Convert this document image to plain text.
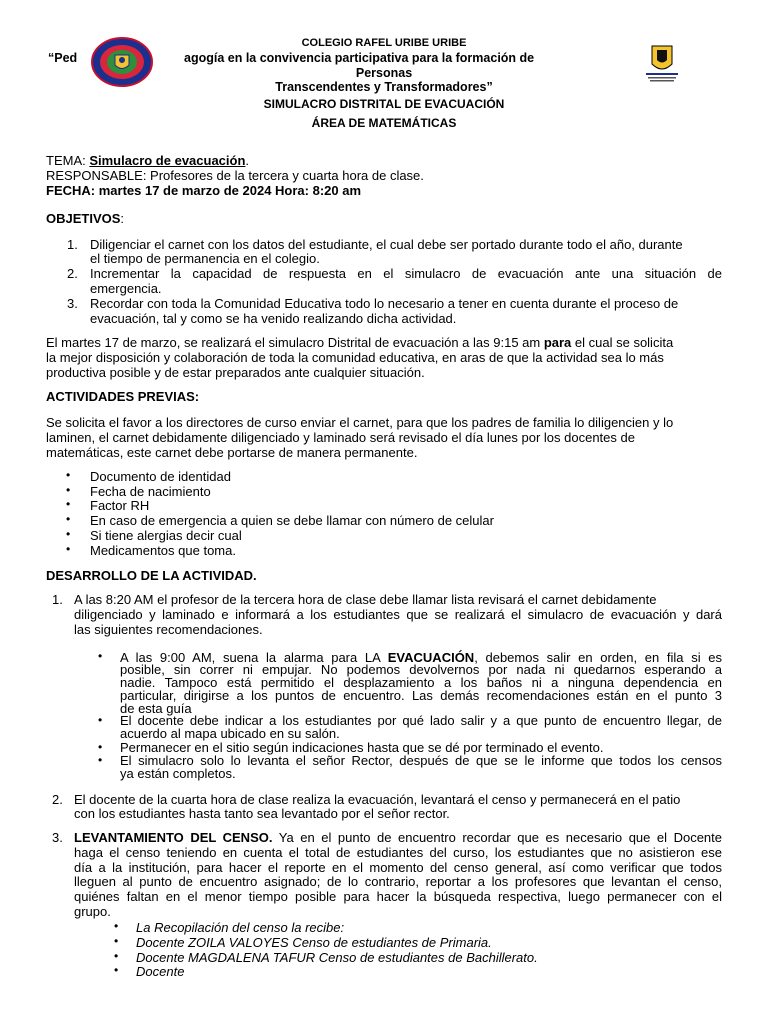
COLEGIO RAFEL URIBE URIBE
“Ped	agogía en la convivencia participativa para la formación de
Personas
Transcendentes y Transformadores”
SIMULACRO DISTRITAL DE EVACUACIÓN
ÁREA DE MATEMÁTICAS
TEMA: Simulacro de evacuación.
RESPONSABLE: Profesores de la tercera y cuarta hora de clase.
FECHA: martes 17 de marzo de 2024 Hora: 8:20 am
OBJETIVOS:
1. Diligenciar el carnet con los datos del estudiante, el cual debe ser portado durante todo el año, durante
el tiempo de permanencia en el colegio.
2. Incrementar la capacidad de respuesta en el simulacro de evacuación ante una situación de
emergencia.
3. Recordar con toda la Comunidad Educativa todo lo necesario a tener en cuenta durante el proceso de
evacuación, tal y como se ha venido realizando dicha actividad.
El martes 17 de marzo, se realizará el simulacro Distrital de evacuación a las 9:15 am para el cual se solicita
la mejor disposición y colaboración de toda la comunidad educativa, en aras de que la actividad sea lo más
productiva posible y de estar preparados ante cualquier situación.
ACTIVIDADES PREVIAS:
Se solicita el favor a los directores de curso enviar el carnet, para que los padres de familia lo diligencien y lo
laminen, el carnet debidamente diligenciado y laminado será revisado el día lunes por los docentes de
matemáticas, este carnet debe portarse de manera permanente.
• Documento de identidad
• Fecha de nacimiento
• Factor RH
• En caso de emergencia a quien se debe llamar con número de celular
• Si tiene alergias decir cual
• Medicamentos que toma.
DESARROLLO DE LA ACTIVIDAD.
1. A las 8:20 AM el profesor de la tercera hora de clase debe llamar lista revisará el carnet debidamente
diligenciado y laminado e informará a los estudiantes que se realizará el simulacro de evacuación y dará
las siguientes recomendaciones.
• A las 9:00 AM, suena la alarma para LA EVACUACIÓN, debemos salir en orden, en fila si es
posible, sin correr ni empujar. No podemos devolvernos por nada ni quedarnos esperando a
nadie. Tampoco está permitido el desplazamiento a los baños ni a ninguna dependencia en
particular, dirigirse a los puntos de encuentro. Las demás recomendaciones están en el punto 3
de esta guía
• El docente debe indicar a los estudiantes por qué lado salir y a que punto de encuentro llegar, de
acuerdo al mapa ubicado en su salón.
• Permanecer en el sitio según indicaciones hasta que se dé por terminado el evento.
• El simulacro solo lo levanta el señor Rector, después de que se le informe que todos los censos
ya están completos.
2. El docente de la cuarta hora de clase realiza la evacuación, levantará el censo y permanecerá en el patio
con los estudiantes hasta tanto sea levantado por el señor rector.
3. LEVANTAMIENTO DEL CENSO. Ya en el punto de encuentro recordar que es necesario que el Docente
haga el censo teniendo en cuenta el total de estudiantes del curso, los estudiantes que no asistieron ese
día a la institución, para hacer el reporte en el momento del censo general, así como verificar que todos
lleguen al punto de encuentro asignado; de lo contrario, reportar a los profesores que levantan el censo,
quiénes faltan en el menor tiempo posible para hacer la búsqueda respectiva, luego permanecer con el
grupo.
• La Recopilación del censo la recibe:
• Docente ZOILA VALOYES Censo de estudiantes de Primaria.
• Docente MAGDALENA TAFUR Censo de estudiantes de Bachillerato.
• Docente
